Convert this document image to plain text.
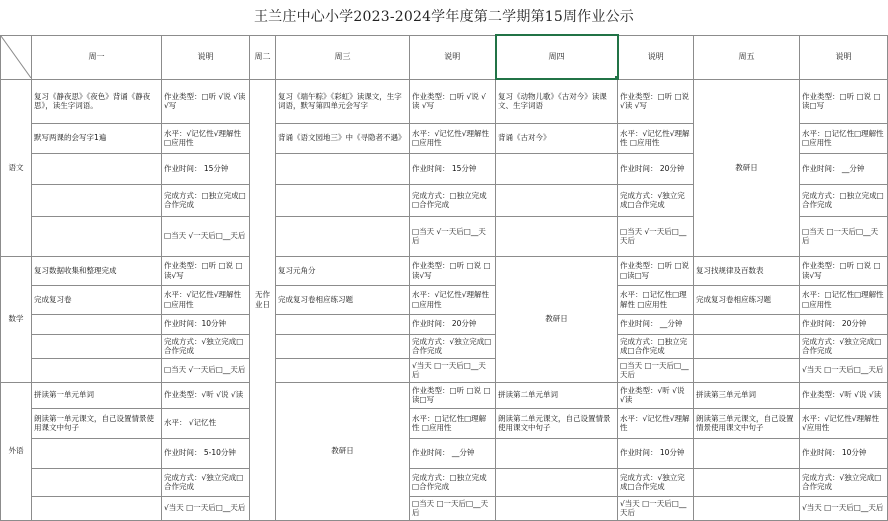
王兰庄中心小学2023-2024学年度第二学期第15周作业公示
	周一	说明	周二	周三	说明	周四	说明	周五	说明
语文	复习《静夜思》《夜色》背诵《静夜思》，读生字词语。	作业类型：□听 √说 √读 √写	无作业日	复习《端午粽》《彩虹》读课文，生字词语，默写第四单元会写字	作业类型：□听 √说 √读 √写	复习《动物儿歌》《古对今》读课文、生字词语	作业类型：□听 □说 √读 √写	教研日	作业类型：□听 □说 □读□写
	默写两课的会写字1遍	水平：√记忆性√理解性 □应用性		背诵《语文园地三》中《寻隐者不遇》	水平：√记忆性√理解性 □应用性	背诵《古对今》	水平：√记忆性√理解性 □应用性		水平：□记忆性□理解性 □应用性
		作业时间： 15分钟			作业时间： 15分钟		作业时间： 20分钟		作业时间： __分钟
		完成方式：□独立完成□合作完成			完成方式：□独立完成□合作完成		完成方式：√独立完成□合作完成		完成方式：□独立完成□合作完成
		□当天 √一天后□__天后			□当天 √一天后□__天后		□当天 √一天后□__天后		□当天 □一天后□__天后
数学	复习数据收集和整理完成	作业类型：□听 □说 □读√写		复习元角分	作业类型：□听 □说 □读√写	教研日	作业类型：□听 □说 □读□写	复习找规律及百数表	作业类型：□听 □说 □读√写
	完成复习卷	水平：√记忆性√理解性 □应用性		完成复习卷相应练习题	水平：√记忆性√理解性 □应用性		水平：□记忆性□理解性 □应用性	完成复习卷相应练习题	水平：□记忆性□理解性 □应用性
		作业时间：10分钟			作业时间： 20分钟		作业时间： __分钟		作业时间： 20分钟
		完成方式：√独立完成□合作完成			完成方式：√独立完成□合作完成		完成方式：□独立完成□合作完成		完成方式：√独立完成□合作完成
		□当天 √一天后□__天后			√当天 □一天后□__天后		□当天 □一天后□__天后		√当天 □一天后□__天后
外语	拼读第一单元单词	作业类型：√听 √说 √读		教研日	作业类型：□听 □说 □读□写	拼读第二单元单词	作业类型：√听 √说 √读	拼读第三单元单词	作业类型：√听 √说 √读
	朗读第一单元课文，自己设置情景使用课文中句子	水平： √记忆性			水平：□记忆性□理解性 □应用性	朗读第二单元课文，自己设置情景使用课文中句子	水平：√记忆性√理解性	朗读第三单元课文，自己设置情景使用课文中句子	水平：√记忆性√理解性 √应用性
		作业时间： 5-10分钟			作业时间： __分钟		作业时间： 10分钟		作业时间： 10分钟
		完成方式：√独立完成□合作完成			完成方式：□独立完成□合作完成		完成方式：√独立完成□合作完成		完成方式：√独立完成□合作完成
		√当天 □一天后□__天后			□当天 □一天后□__天后		√当天 □一天后□__天后		√当天 □一天后□__天后
